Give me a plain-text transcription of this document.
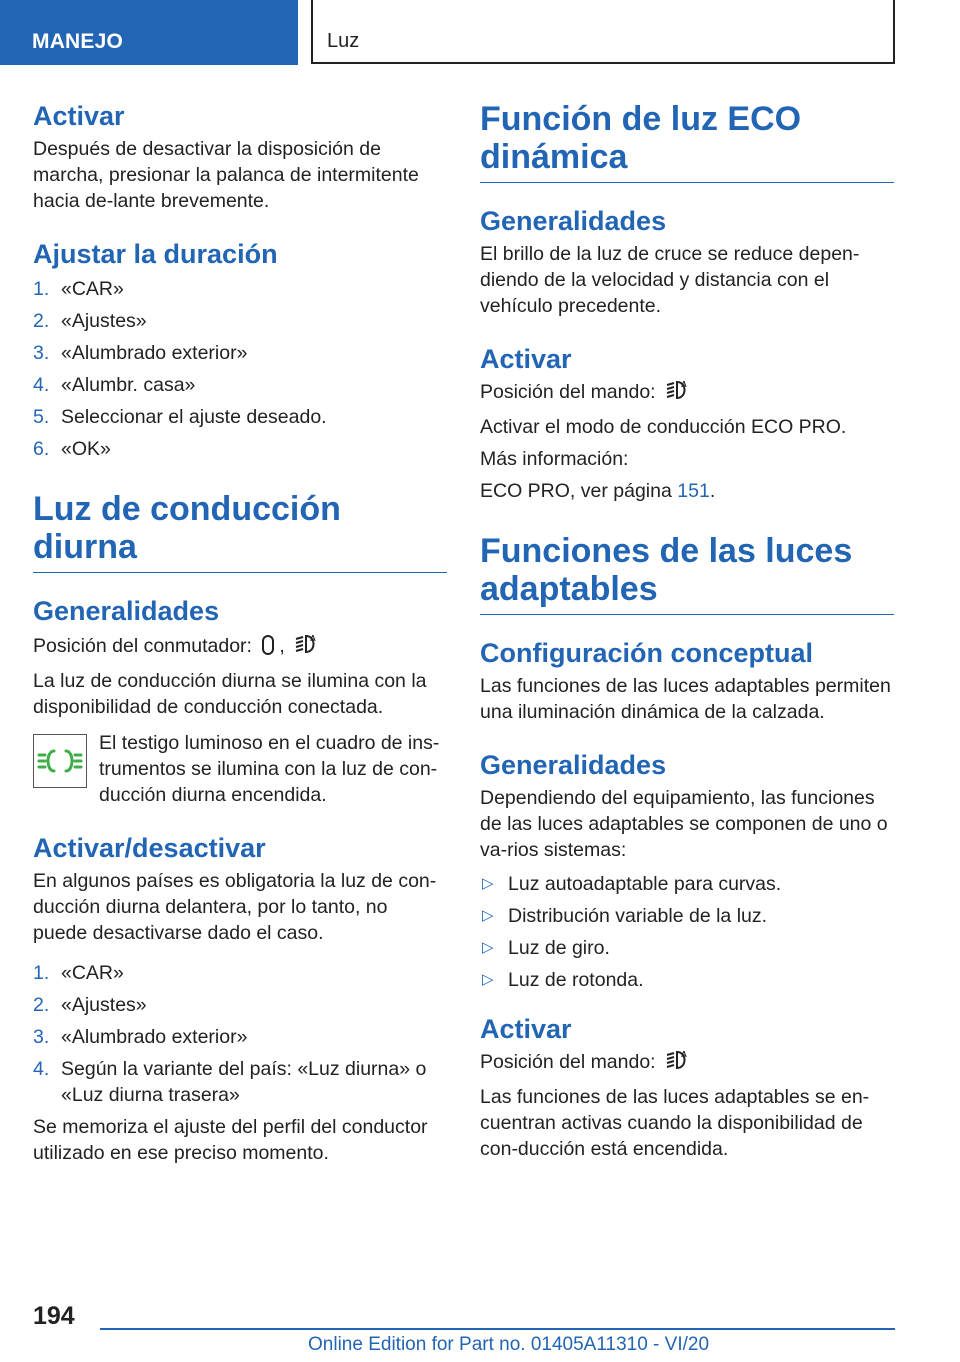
MANEJO	Luz
Activar

Después de desactivar la disposición de marcha, presionar la palanca de intermitente hacia de-lante brevemente.

Ajustar la duración
1. «CAR»
2. «Ajustes»
3. «Alumbrado exterior»
4. «Alumbr. casa»
5. Seleccionar el ajuste deseado.
6. «OK»
Luz de conducción diurna
Generalidades

Posición del conmutador: ,	A

La luz de conducción diurna se ilumina con la disponibilidad de conducción conectada.

El testigo luminoso en el cuadro de ins-trumentos se ilumina con la luz de con-ducción diurna encendida.

Activar/desactivar

En algunos países es obligatoria la luz de con-ducción diurna delantera, por lo tanto, no puede desactivarse dado el caso.

1. «CAR»
2. «Ajustes»
3. «Alumbrado exterior»
4. Según la variante del país: «Luz diurna» o «Luz diurna trasera»

Se memoriza el ajuste del perfil del conductor utilizado en ese preciso momento.

Función de luz ECO dinámica
Generalidades

El brillo de la luz de cruce se reduce depen-diendo de la velocidad y distancia con el vehículo precedente.

Activar

Posición del mando:	A

Activar el modo de conducción ECO PRO.

Más información:

ECO PRO, ver página 151.

Funciones de las luces adaptables
Configuración conceptual

Las funciones de las luces adaptables permiten una iluminación dinámica de la calzada.

Generalidades

Dependiendo del equipamiento, las funciones de las luces adaptables se componen de uno o va-rios sistemas:

▷ Luz autoadaptable para curvas.
▷ Distribución variable de la luz.
▷ Luz de giro.
▷ Luz de rotonda.
Activar

Posición del mando:	A

Las funciones de las luces adaptables se en-cuentran activas cuando la disponibilidad de con-ducción está encendida.

194
Online Edition for Part no. 01405A11310 - VI/20
